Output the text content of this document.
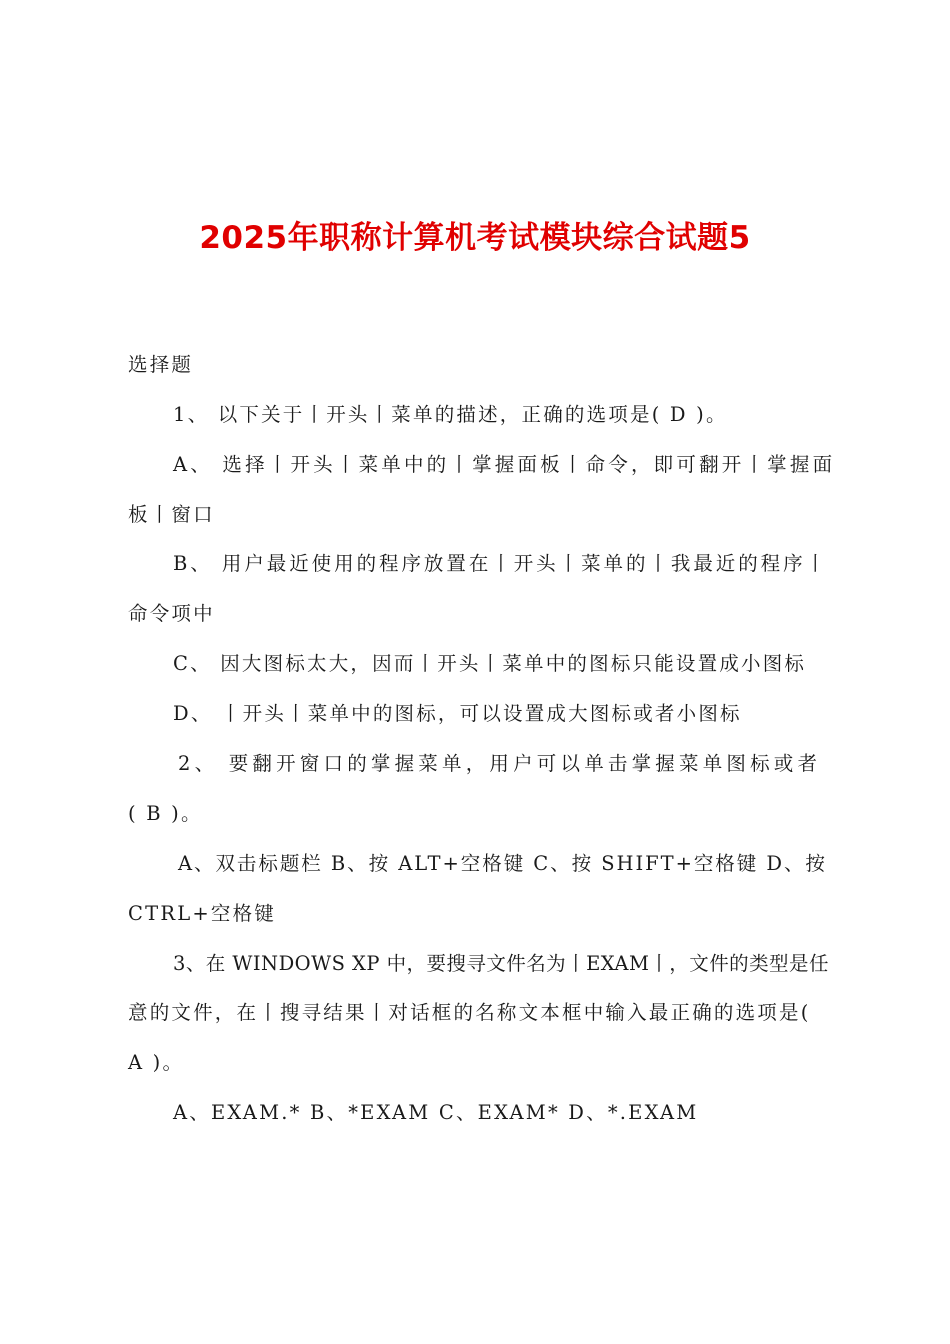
2025年职称计算机考试模块综合试题5
选择题
1、 以下关于丨开头丨菜单的描述，正确的选项是( D )。
A、 选择丨开头丨菜单中的丨掌握面板丨命令，即可翻开丨掌握面
板丨窗口
B、 用户最近使用的程序放置在丨开头丨菜单的丨我最近的程序丨
命令项中
C、 因大图标太大，因而丨开头丨菜单中的图标只能设置成小图标
D、 丨开头丨菜单中的图标，可以设置成大图标或者小图标
2、 要翻开窗口的掌握菜单，用户可以单击掌握菜单图标或者
( B )。
A、双击标题栏 B、按 ALT+空格键 C、按 SHIFT+空格键 D、按
CTRL+空格键
3、在 WINDOWS XP 中，要搜寻文件名为丨EXAM丨，文件的类型是任
意的文件，在丨搜寻结果丨对话框的名称文本框中输入最正确的选项是(
A )。
A、EXAM.* B、*EXAM C、EXAM* D、*.EXAM
